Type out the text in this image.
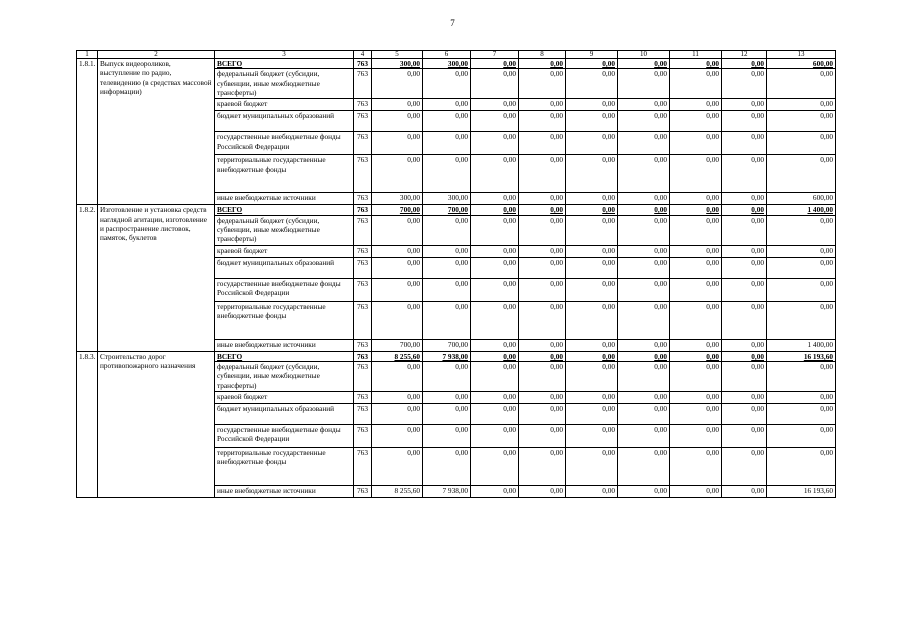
7
1	2	3	4	5	6	7	8	9	10	11	12	13
1.8.1.	Выпуск видеороликов, выступление по радио, телевидению (в средствах массовой информации)	ВСЕГО	763	300,00	300,00	0,00	0,00	0,00	0,00	0,00	0,00	600,00
		федеральный бюджет (субсидии, субвенции, иные межбюджетные трансферты)	763	0,00	0,00	0,00	0,00	0,00	0,00	0,00	0,00	0,00
		краевой бюджет	763	0,00	0,00	0,00	0,00	0,00	0,00	0,00	0,00	0,00
		бюджет муниципальных образований	763	0,00	0,00	0,00	0,00	0,00	0,00	0,00	0,00	0,00
		государственные внебюджетные фонды Российской Федерации	763	0,00	0,00	0,00	0,00	0,00	0,00	0,00	0,00	0,00
		территориальные государственные внебюджетные фонды	763	0,00	0,00	0,00	0,00	0,00	0,00	0,00	0,00	0,00
		иные внебюджетные источники	763	300,00	300,00	0,00	0,00	0,00	0,00	0,00	0,00	600,00
1.8.2.	Изготовление и установка средств наглядной агитации, изготовление и распространение листовок, памяток, буклетов	ВСЕГО	763	700,00	700,00	0,00	0,00	0,00	0,00	0,00	0,00	1 400,00
		федеральный бюджет (субсидии, субвенции, иные межбюджетные трансферты)	763	0,00	0,00	0,00	0,00	0,00	0,00	0,00	0,00	0,00
		краевой бюджет	763	0,00	0,00	0,00	0,00	0,00	0,00	0,00	0,00	0,00
		бюджет муниципальных образований	763	0,00	0,00	0,00	0,00	0,00	0,00	0,00	0,00	0,00
		государственные внебюджетные фонды Российской Федерации	763	0,00	0,00	0,00	0,00	0,00	0,00	0,00	0,00	0,00
		территориальные государственные внебюджетные фонды	763	0,00	0,00	0,00	0,00	0,00	0,00	0,00	0,00	0,00
		иные внебюджетные источники	763	700,00	700,00	0,00	0,00	0,00	0,00	0,00	0,00	1 400,00
1.8.3.	Строительство дорог противопожарного назначения	ВСЕГО	763	8 255,60	7 938,00	0,00	0,00	0,00	0,00	0,00	0,00	16 193,60
		федеральный бюджет (субсидии, субвенции, иные межбюджетные трансферты)	763	0,00	0,00	0,00	0,00	0,00	0,00	0,00	0,00	0,00
		краевой бюджет	763	0,00	0,00	0,00	0,00	0,00	0,00	0,00	0,00	0,00
		бюджет муниципальных образований	763	0,00	0,00	0,00	0,00	0,00	0,00	0,00	0,00	0,00
		государственные внебюджетные фонды Российской Федерации	763	0,00	0,00	0,00	0,00	0,00	0,00	0,00	0,00	0,00
		территориальные государственные внебюджетные фонды	763	0,00	0,00	0,00	0,00	0,00	0,00	0,00	0,00	0,00
		иные внебюджетные источники	763	8 255,60	7 938,00	0,00	0,00	0,00	0,00	0,00	0,00	16 193,60
